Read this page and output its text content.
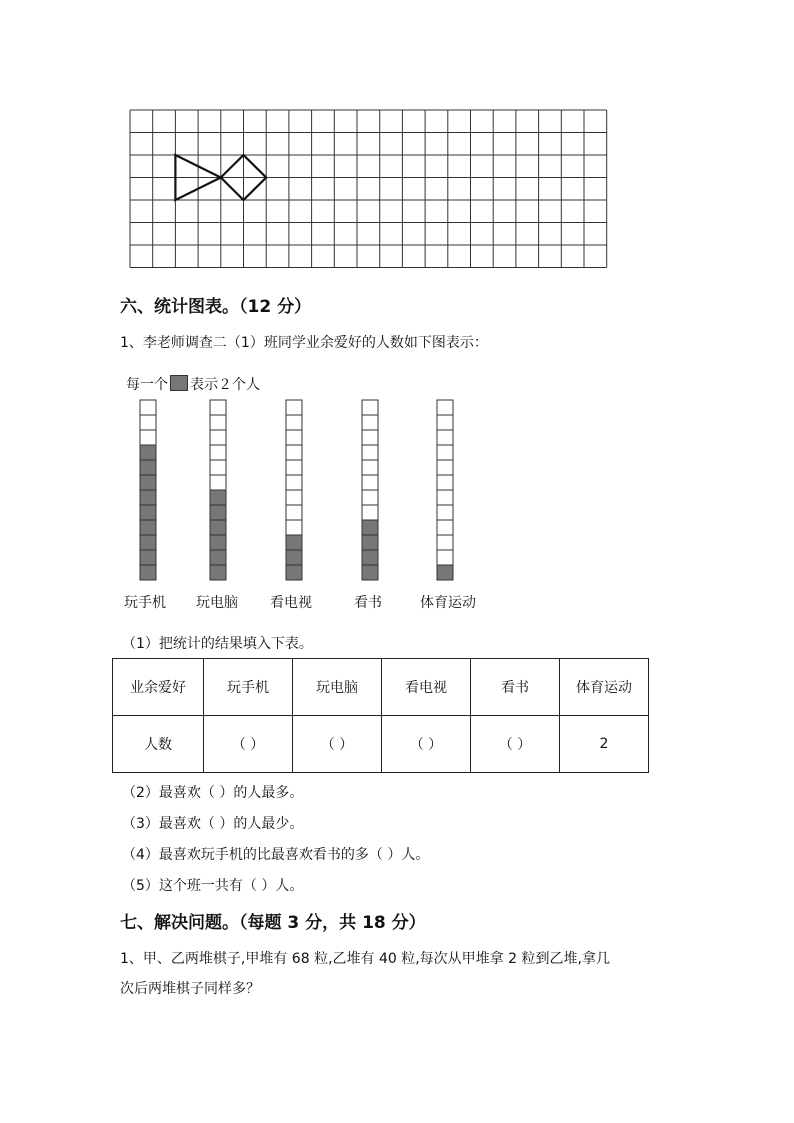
六、统计图表。（12 分）
1、李老师调查二（1）班同学业余爱好的人数如下图表示：
每一个 表示２个人
玩手机 玩电脑 看电视	看书	体育运动
（1）把统计的结果填入下表。
业余爱好	玩手机	玩电脑	看电视	看书	体育运动
人数	（ ）	（ ）	（ ）	（ ）	2
（2）最喜欢（ ）的人最多。
（3）最喜欢（ ）的人最少。
（4）最喜欢玩手机的比最喜欢看书的多（ ）人。
（5）这个班一共有（ ）人。
七、解决问题。（每题 3 分，共 18 分）
1、甲、乙两堆棋子,甲堆有 68 粒,乙堆有 40 粒,每次从甲堆拿 2 粒到乙堆,拿几
次后两堆棋子同样多？
